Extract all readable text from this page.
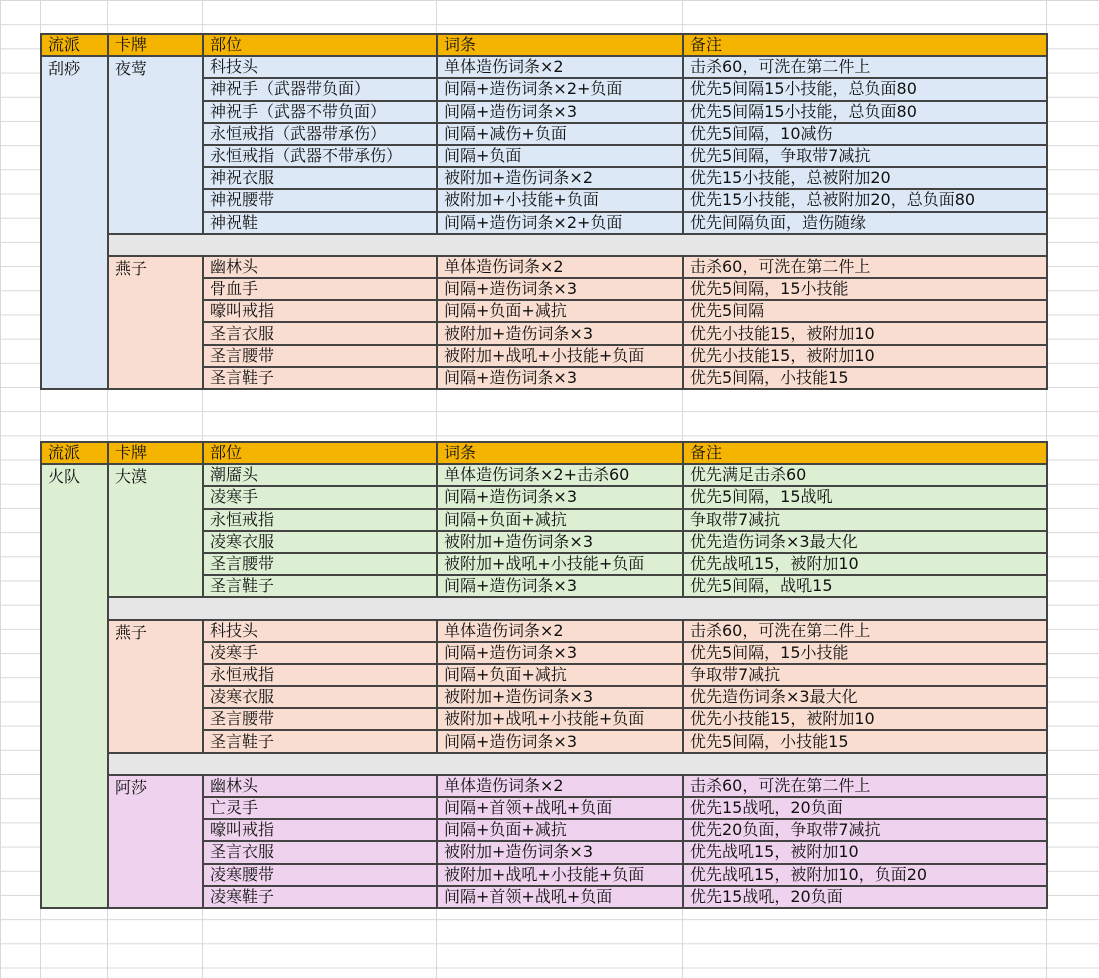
流派	卡牌	部位	词条	备注
刮痧	夜莺	科技头	单体造伤词条×2	击杀60，可洗在第二件上
		神祝手（武器带负面）	间隔+造伤词条×2+负面	优先5间隔15小技能，总负面80
		神祝手（武器不带负面）	间隔+造伤词条×3	优先5间隔15小技能，总负面80
		永恒戒指（武器带承伤）	间隔+减伤+负面	优先5间隔，10减伤
		永恒戒指（武器不带承伤）	间隔+负面	优先5间隔，争取带7减抗
		神祝衣服	被附加+造伤词条×2	优先15小技能，总被附加20
		神祝腰带	被附加+小技能+负面	优先15小技能，总被附加20，总负面80
		神祝鞋	间隔+造伤词条×2+负面	优先间隔负面，造伤随缘

	燕子	幽林头	单体造伤词条×2	击杀60，可洗在第二件上
		骨血手	间隔+造伤词条×3	优先5间隔，15小技能
		嚎叫戒指	间隔+负面+减抗	优先5间隔
		圣言衣服	被附加+造伤词条×3	优先小技能15，被附加10
		圣言腰带	被附加+战吼+小技能+负面	优先小技能15，被附加10
		圣言鞋子	间隔+造伤词条×3	优先5间隔，小技能15
流派	卡牌	部位	词条	备注
火队	大漠	潮靥头	单体造伤词条×2+击杀60	优先满足击杀60
		凌寒手	间隔+造伤词条×3	优先5间隔，15战吼
		永恒戒指	间隔+负面+减抗	争取带7减抗
		凌寒衣服	被附加+造伤词条×3	优先造伤词条×3最大化
		圣言腰带	被附加+战吼+小技能+负面	优先战吼15，被附加10
		圣言鞋子	间隔+造伤词条×3	优先5间隔，战吼15

	燕子	科技头	单体造伤词条×2	击杀60，可洗在第二件上
		凌寒手	间隔+造伤词条×3	优先5间隔，15小技能
		永恒戒指	间隔+负面+减抗	争取带7减抗
		凌寒衣服	被附加+造伤词条×3	优先造伤词条×3最大化
		圣言腰带	被附加+战吼+小技能+负面	优先小技能15，被附加10
		圣言鞋子	间隔+造伤词条×3	优先5间隔，小技能15

	阿莎	幽林头	单体造伤词条×2	击杀60，可洗在第二件上
		亡灵手	间隔+首领+战吼+负面	优先15战吼，20负面
		嚎叫戒指	间隔+负面+减抗	优先20负面，争取带7减抗
		圣言衣服	被附加+造伤词条×3	优先战吼15，被附加10
		凌寒腰带	被附加+战吼+小技能+负面	优先战吼15，被附加10，负面20
		凌寒鞋子	间隔+首领+战吼+负面	优先15战吼，20负面
